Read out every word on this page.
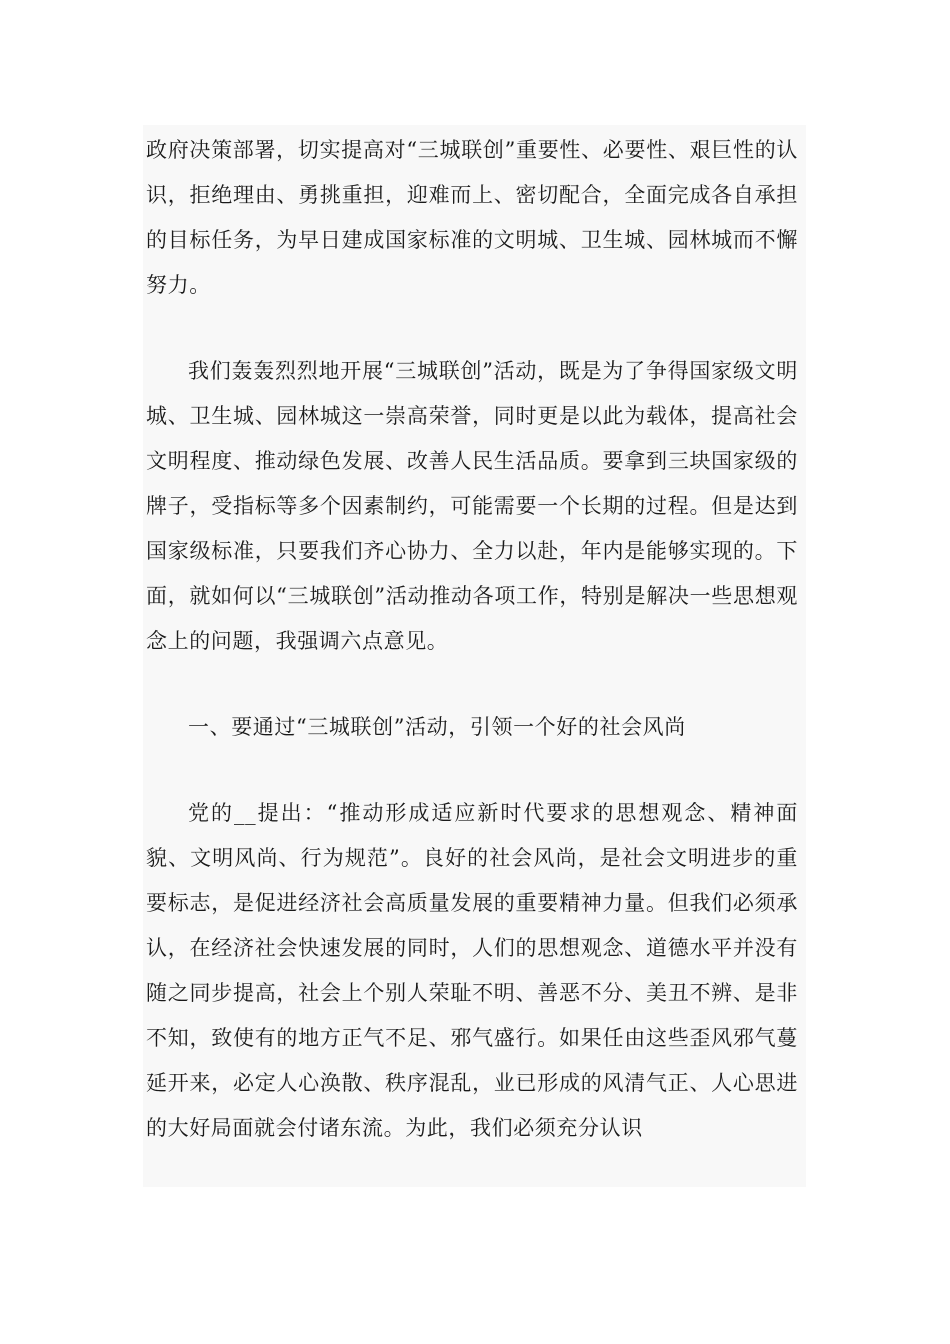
政府决策部署，切实提高对“三城联创”重要性、必要性、艰巨性的认识，拒绝理由、勇挑重担，迎难而上、密切配合，全面完成各自承担的目标任务，为早日建成国家标准的文明城、卫生城、园林城而不懈努力。

我们轰轰烈烈地开展“三城联创”活动，既是为了争得国家级文明城、卫生城、园林城这一崇高荣誉，同时更是以此为载体，提高社会文明程度、推动绿色发展、改善人民生活品质。要拿到三块国家级的牌子，受指标等多个因素制约，可能需要一个长期的过程。但是达到国家级标准，只要我们齐心协力、全力以赴，年内是能够实现的。下面，就如何以“三城联创”活动推动各项工作，特别是解决一些思想观念上的问题，我强调六点意见。

一、要通过“三城联创”活动，引领一个好的社会风尚

党的__提出：“推动形成适应新时代要求的思想观念、精神面貌、文明风尚、行为规范”。良好的社会风尚，是社会文明进步的重要标志，是促进经济社会高质量发展的重要精神力量。但我们必须承认，在经济社会快速发展的同时，人们的思想观念、道德水平并没有随之同步提高，社会上个别人荣耻不明、善恶不分、美丑不辨、是非不知，致使有的地方正气不足、邪气盛行。如果任由这些歪风邪气蔓延开来，必定人心涣散、秩序混乱，业已形成的风清气正、人心思进的大好局面就会付诸东流。为此，我们必须充分认识
